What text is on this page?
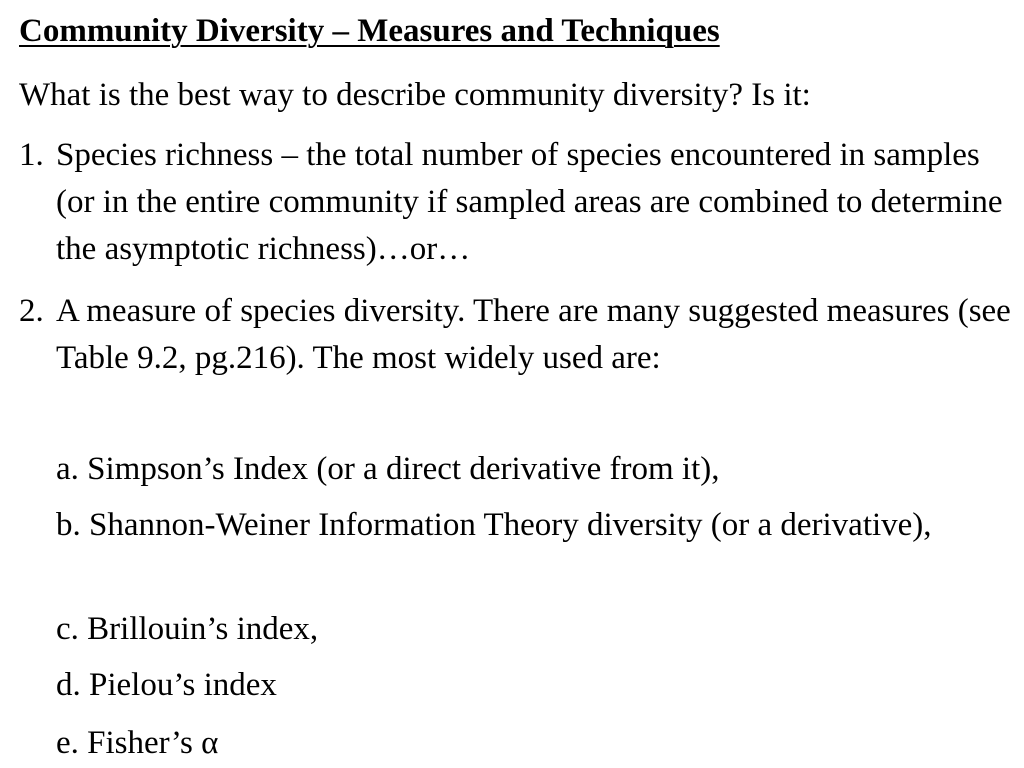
Community Diversity – Measures and Techniques
What is the best way to describe community diversity? Is it:
1. Species richness – the total number of species encountered in samples (or in the entire community if sampled areas are combined to determine the asymptotic richness)…or…
2. A measure of species diversity. There are many suggested measures (see Table 9.2, pg.216). The most widely used are:
a. Simpson’s Index (or a direct derivative from it),
b. Shannon-Weiner Information Theory diversity (or a derivative),
c. Brillouin’s index,
d. Pielou’s index
e. Fisher’s α
